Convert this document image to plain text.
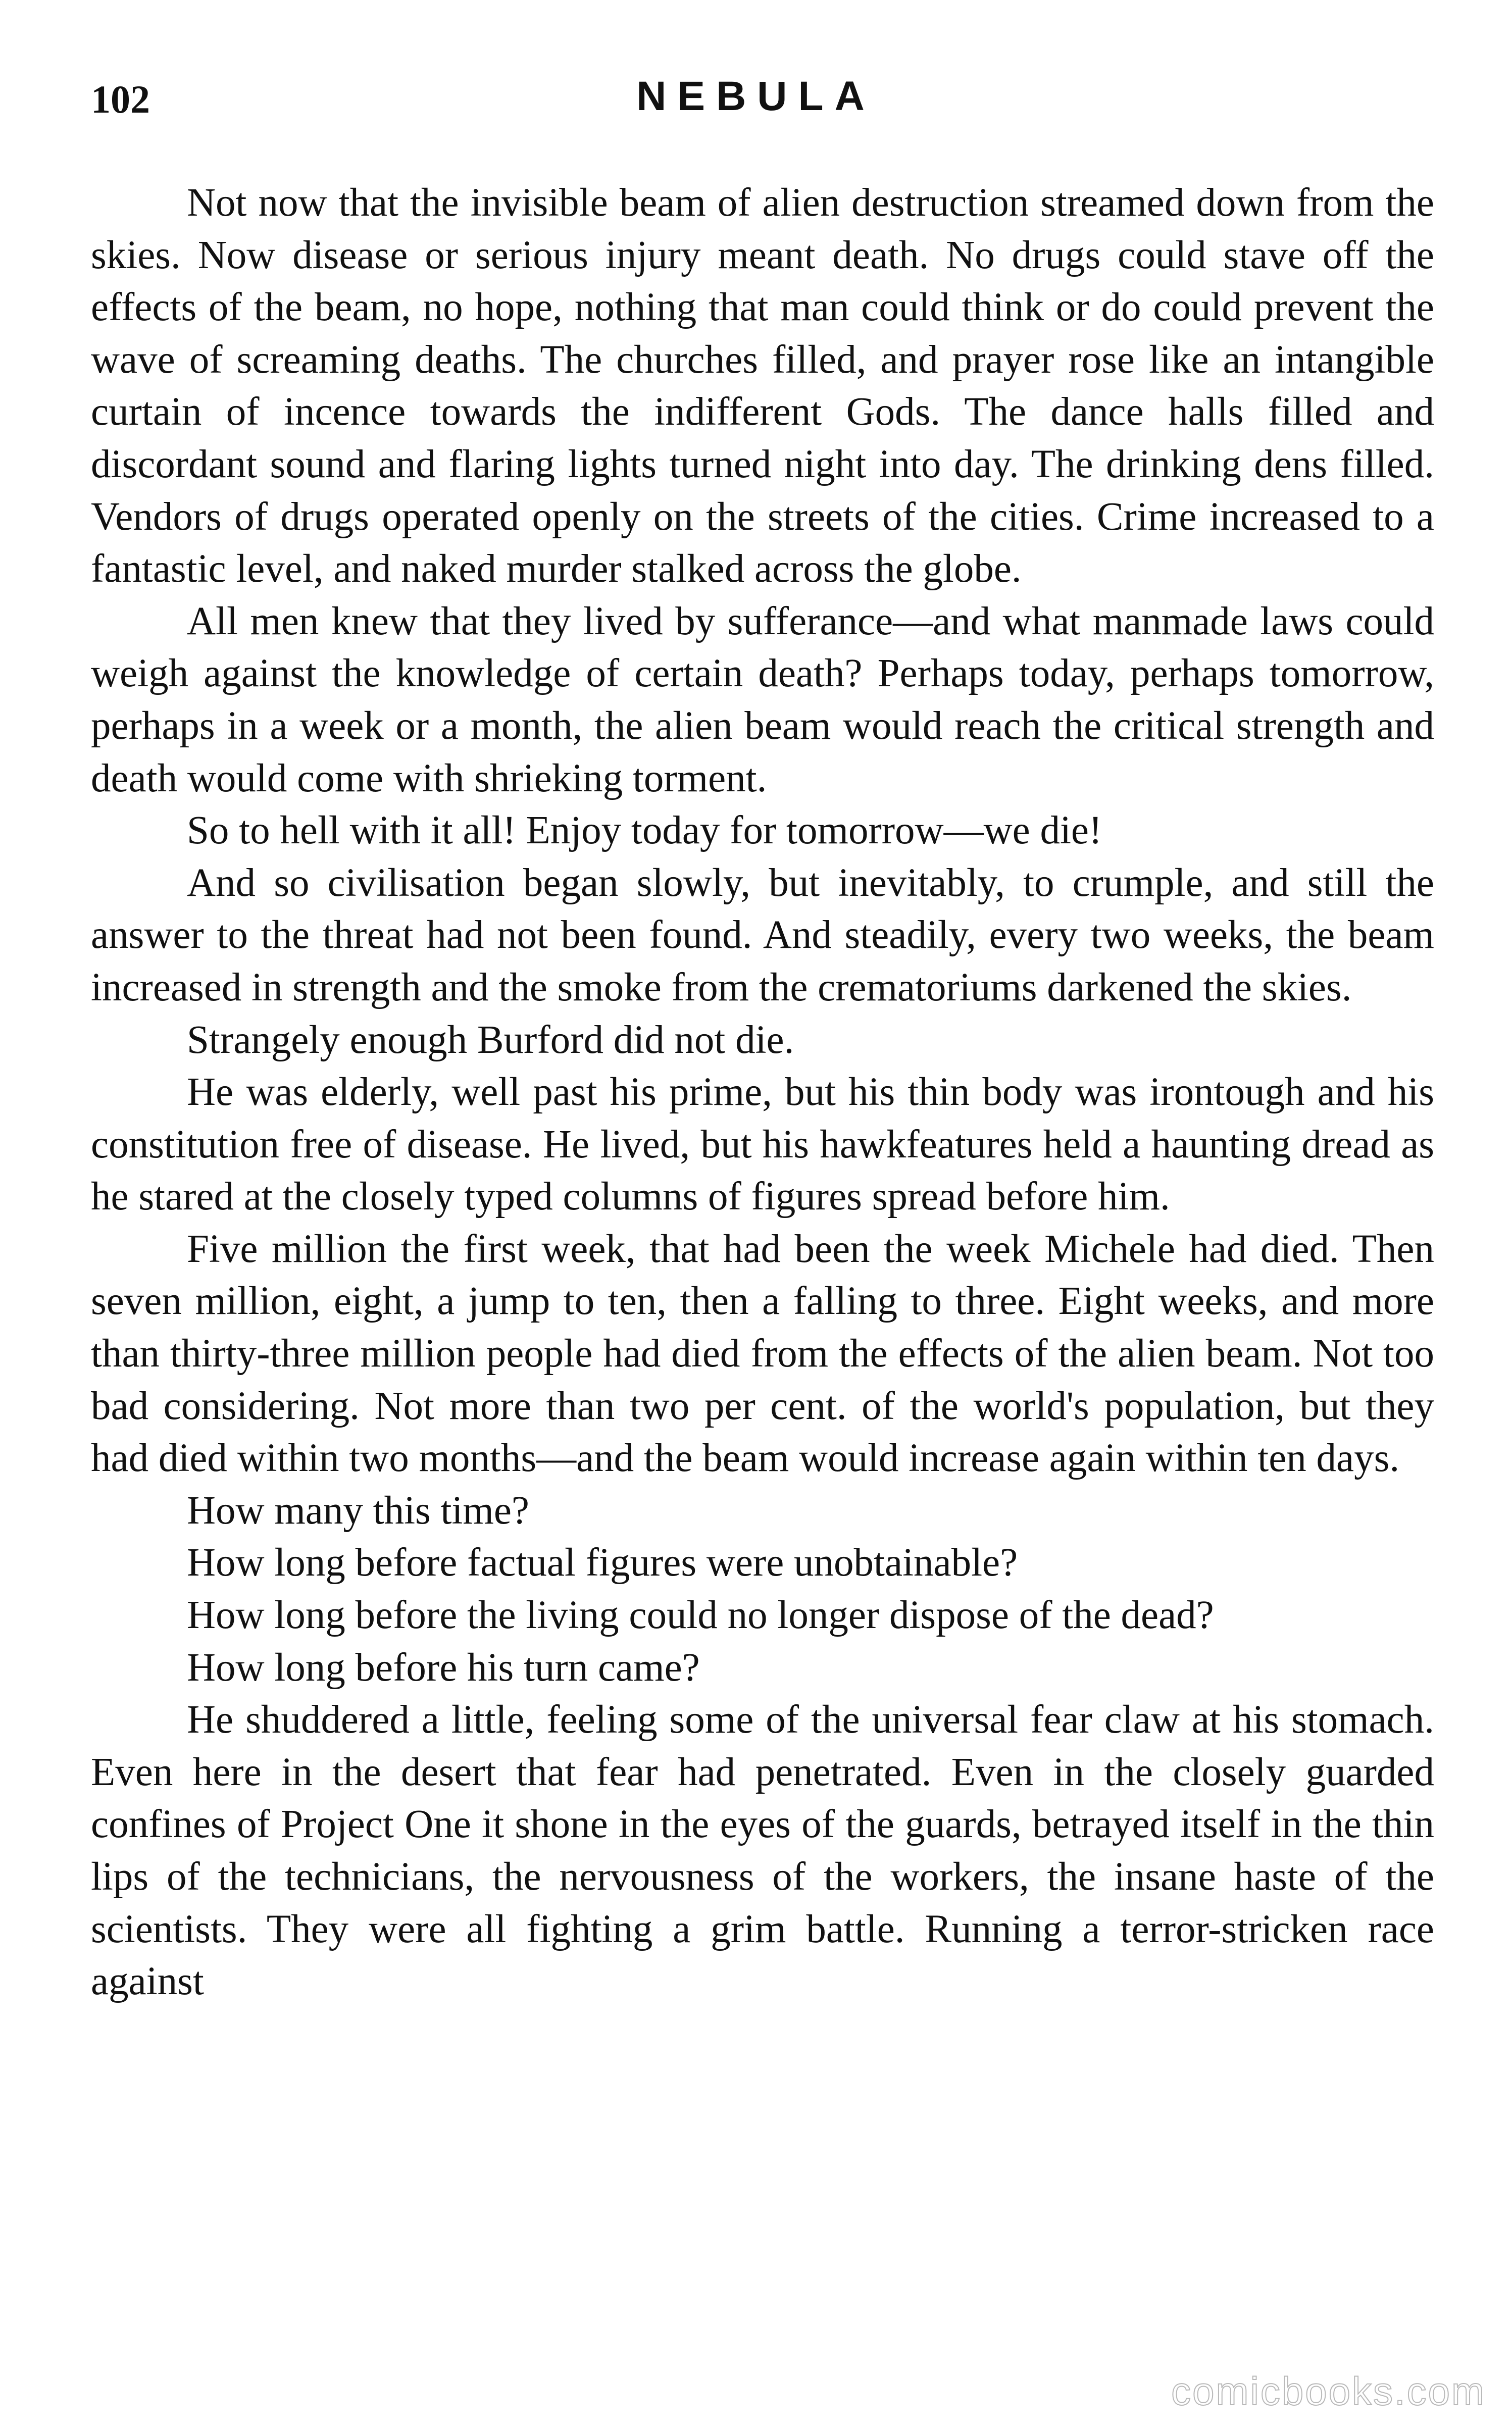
102	NEBULA

Not now that the invisible beam of alien destruction streamed down from the skies. Now disease or serious injury meant death. No drugs could stave off the effects of the beam, no hope, nothing that man could think or do could prevent the wave of screaming deaths. The churches filled, and prayer rose like an intangible curtain of incence towards the indifferent Gods. The dance halls filled and discordant sound and flaring lights turned night into day. The drinking dens filled. Vendors of drugs operated openly on the streets of the cities. Crime increased to a fantastic level, and naked murder stalked across the globe.

All men knew that they lived by sufferance—and what manmade laws could weigh against the knowledge of certain death? Perhaps today, perhaps tomorrow, perhaps in a week or a month, the alien beam would reach the critical strength and death would come with shrieking torment.

So to hell with it all! Enjoy today for tomorrow—we die!

And so civilisation began slowly, but inevitably, to crumple, and still the answer to the threat had not been found. And steadily, every two weeks, the beam increased in strength and the smoke from the crematoriums darkened the skies.

Strangely enough Burford did not die.

He was elderly, well past his prime, but his thin body was irontough and his constitution free of disease. He lived, but his hawkfeatures held a haunting dread as he stared at the closely typed columns of figures spread before him.

Five million the first week, that had been the week Michele had died. Then seven million, eight, a jump to ten, then a falling to three. Eight weeks, and more than thirty-three million people had died from the effects of the alien beam. Not too bad considering. Not more than two per cent. of the world's population, but they had died within two months—and the beam would increase again within ten days.

How many this time?

How long before factual figures were unobtainable?

How long before the living could no longer dispose of the dead?

How long before his turn came?

He shuddered a little, feeling some of the universal fear claw at his stomach. Even here in the desert that fear had penetrated. Even in the closely guarded confines of Project One it shone in the eyes of the guards, betrayed itself in the thin lips of the technicians, the nervousness of the workers, the insane haste of the scientists. They were all fighting a grim battle. Running a terror-stricken race against

comicbooks.com
